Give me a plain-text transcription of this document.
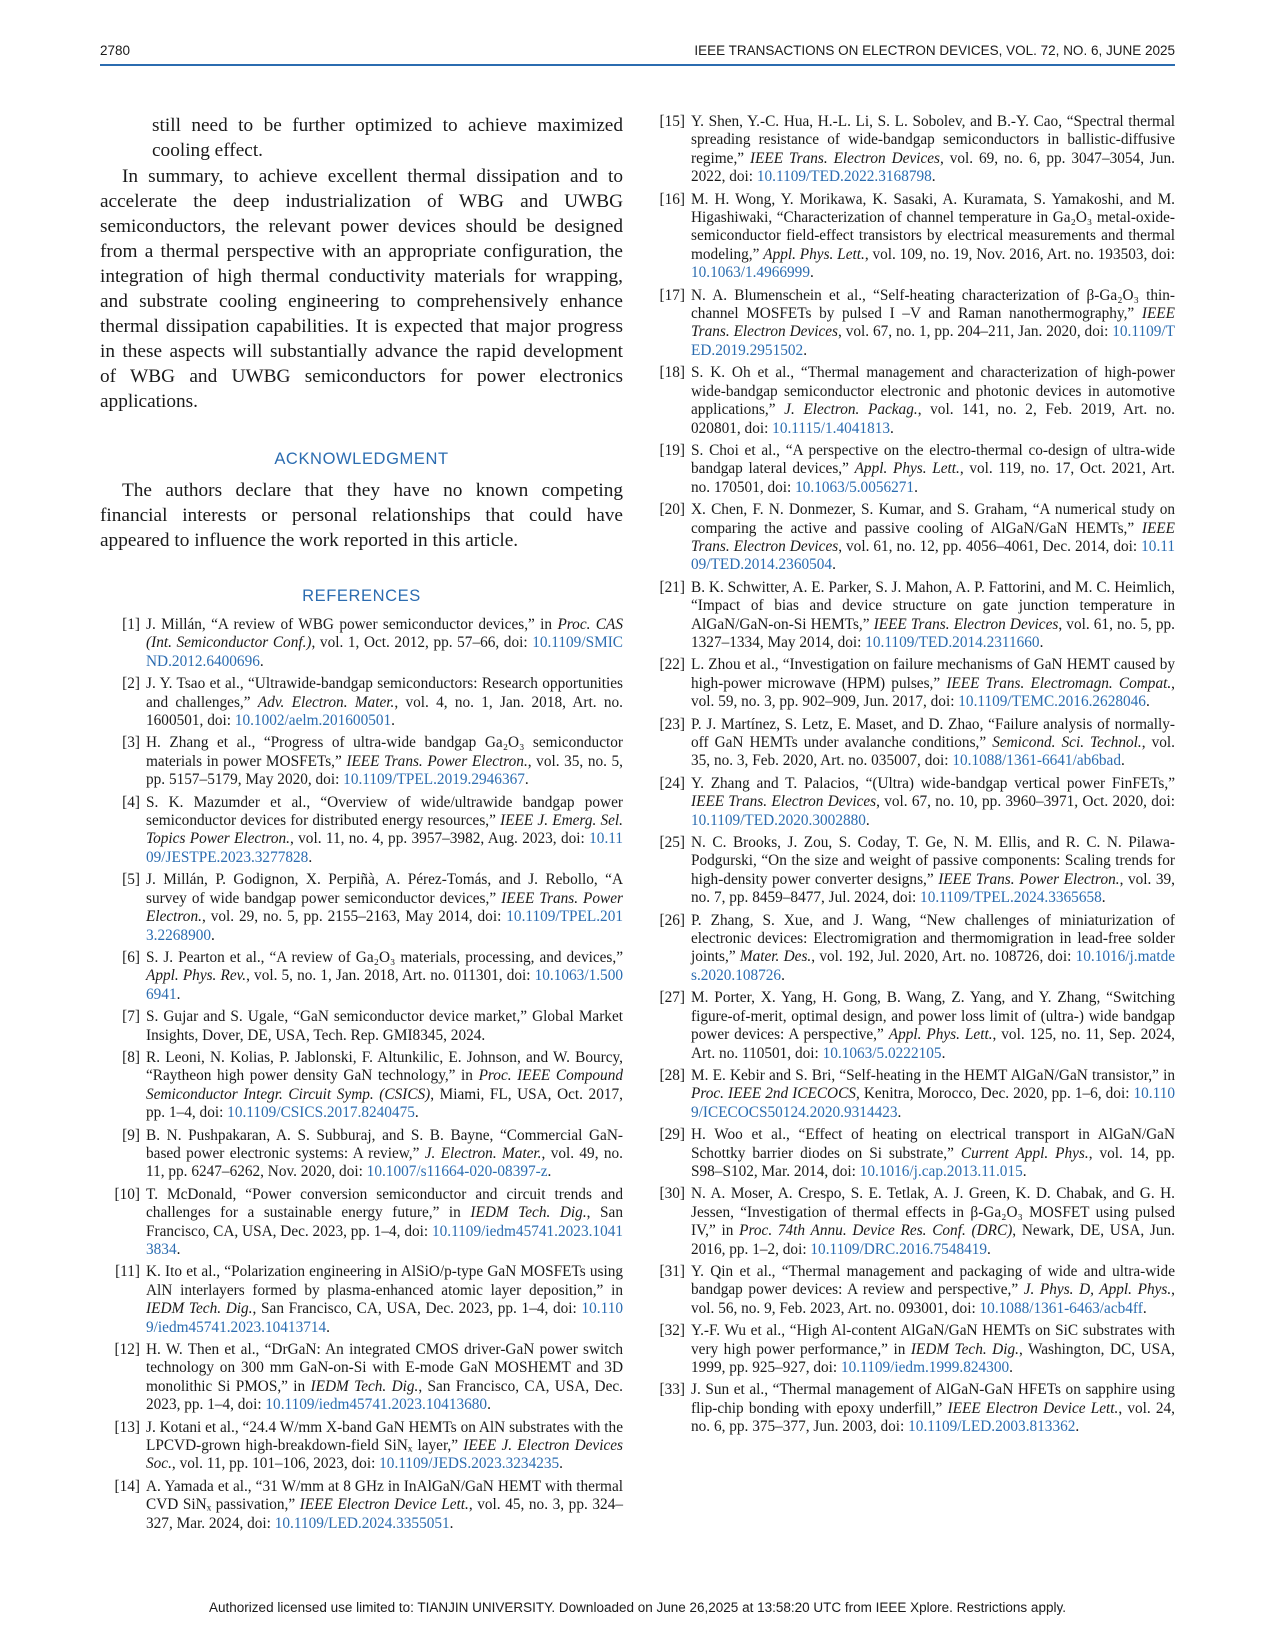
2780	IEEE TRANSACTIONS ON ELECTRON DEVICES, VOL. 72, NO. 6, JUNE 2025

still need to be further optimized to achieve maximized cooling effect.

In summary, to achieve excellent thermal dissipation and to accelerate the deep industrialization of WBG and UWBG semiconductors, the relevant power devices should be designed from a thermal perspective with an appropriate configuration, the integration of high thermal conductivity materials for wrapping, and substrate cooling engineering to comprehensively enhance thermal dissipation capabilities. It is expected that major progress in these aspects will substantially advance the rapid development of WBG and UWBG semiconductors for power electronics applications.

ACKNOWLEDGMENT

The authors declare that they have no known competing financial interests or personal relationships that could have appeared to influence the work reported in this article.

REFERENCES
[1] J. Millán, “A review of WBG power semiconductor devices,” in Proc. CAS (Int. Semiconductor Conf.), vol. 1, Oct. 2012, pp. 57–66, doi: 10.1109/SMICND.2012.6400696.
[2] J. Y. Tsao et al., “Ultrawide-bandgap semiconductors: Research opportunities and challenges,” Adv. Electron. Mater., vol. 4, no. 1, Jan. 2018, Art. no. 1600501, doi: 10.1002/aelm.201600501.
[3] H. Zhang et al., “Progress of ultra-wide bandgap Ga₂O₃ semiconductor materials in power MOSFETs,” IEEE Trans. Power Electron., vol. 35, no. 5, pp. 5157–5179, May 2020, doi: 10.1109/TPEL.2019.2946367.
[4] S. K. Mazumder et al., “Overview of wide/ultrawide bandgap power semiconductor devices for distributed energy resources,” IEEE J. Emerg. Sel. Topics Power Electron., vol. 11, no. 4, pp. 3957–3982, Aug. 2023, doi: 10.1109/JESTPE.2023.3277828.
[5] J. Millán, P. Godignon, X. Perpiñà, A. Pérez-Tomás, and J. Rebollo, “A survey of wide bandgap power semiconductor devices,” IEEE Trans. Power Electron., vol. 29, no. 5, pp. 2155–2163, May 2014, doi: 10.1109/TPEL.2013.2268900.
[6] S. J. Pearton et al., “A review of Ga₂O₃ materials, processing, and devices,” Appl. Phys. Rev., vol. 5, no. 1, Jan. 2018, Art. no. 011301, doi: 10.1063/1.5006941.
[7] S. Gujar and S. Ugale, “GaN semiconductor device market,” Global Market Insights, Dover, DE, USA, Tech. Rep. GMI8345, 2024.
[8] R. Leoni, N. Kolias, P. Jablonski, F. Altunkilic, E. Johnson, and W. Bourcy, “Raytheon high power density GaN technology,” in Proc. IEEE Compound Semiconductor Integr. Circuit Symp. (CSICS), Miami, FL, USA, Oct. 2017, pp. 1–4, doi: 10.1109/CSICS.2017.8240475.
[9] B. N. Pushpakaran, A. S. Subburaj, and S. B. Bayne, “Commercial GaN-based power electronic systems: A review,” J. Electron. Mater., vol. 49, no. 11, pp. 6247–6262, Nov. 2020, doi: 10.1007/s11664-020-08397-z.
[10] T. McDonald, “Power conversion semiconductor and circuit trends and challenges for a sustainable energy future,” in IEDM Tech. Dig., San Francisco, CA, USA, Dec. 2023, pp. 1–4, doi: 10.1109/iedm45741.2023.10413834.
[11] K. Ito et al., “Polarization engineering in AlSiO/p-type GaN MOSFETs using AlN interlayers formed by plasma-enhanced atomic layer deposition,” in IEDM Tech. Dig., San Francisco, CA, USA, Dec. 2023, pp. 1–4, doi: 10.1109/iedm45741.2023.10413714.
[12] H. W. Then et al., “DrGaN: An integrated CMOS driver-GaN power switch technology on 300 mm GaN-on-Si with E-mode GaN MOSHEMT and 3D monolithic Si PMOS,” in IEDM Tech. Dig., San Francisco, CA, USA, Dec. 2023, pp. 1–4, doi: 10.1109/iedm45741.2023.10413680.
[13] J. Kotani et al., “24.4 W/mm X-band GaN HEMTs on AlN substrates with the LPCVD-grown high-breakdown-field SiNₓ layer,” IEEE J. Electron Devices Soc., vol. 11, pp. 101–106, 2023, doi: 10.1109/JEDS.2023.3234235.
[14] A. Yamada et al., “31 W/mm at 8 GHz in InAlGaN/GaN HEMT with thermal CVD SiNₓ passivation,” IEEE Electron Device Lett., vol. 45, no. 3, pp. 324–327, Mar. 2024, doi: 10.1109/LED.2024.3355051.
[15] Y. Shen, Y.-C. Hua, H.-L. Li, S. L. Sobolev, and B.-Y. Cao, “Spectral thermal spreading resistance of wide-bandgap semiconductors in ballistic-diffusive regime,” IEEE Trans. Electron Devices, vol. 69, no. 6, pp. 3047–3054, Jun. 2022, doi: 10.1109/TED.2022.3168798.
[16] M. H. Wong, Y. Morikawa, K. Sasaki, A. Kuramata, S. Yamakoshi, and M. Higashiwaki, “Characterization of channel temperature in Ga₂O₃ metal-oxide-semiconductor field-effect transistors by electrical measurements and thermal modeling,” Appl. Phys. Lett., vol. 109, no. 19, Nov. 2016, Art. no. 193503, doi: 10.1063/1.4966999.
[17] N. A. Blumenschein et al., “Self-heating characterization of β-Ga₂O₃ thin-channel MOSFETs by pulsed I –V and Raman nanothermography,” IEEE Trans. Electron Devices, vol. 67, no. 1, pp. 204–211, Jan. 2020, doi: 10.1109/TED.2019.2951502.
[18] S. K. Oh et al., “Thermal management and characterization of high-power wide-bandgap semiconductor electronic and photonic devices in automotive applications,” J. Electron. Packag., vol. 141, no. 2, Feb. 2019, Art. no. 020801, doi: 10.1115/1.4041813.
[19] S. Choi et al., “A perspective on the electro-thermal co-design of ultra-wide bandgap lateral devices,” Appl. Phys. Lett., vol. 119, no. 17, Oct. 2021, Art. no. 170501, doi: 10.1063/5.0056271.
[20] X. Chen, F. N. Donmezer, S. Kumar, and S. Graham, “A numerical study on comparing the active and passive cooling of AlGaN/GaN HEMTs,” IEEE Trans. Electron Devices, vol. 61, no. 12, pp. 4056–4061, Dec. 2014, doi: 10.1109/TED.2014.2360504.
[21] B. K. Schwitter, A. E. Parker, S. J. Mahon, A. P. Fattorini, and M. C. Heimlich, “Impact of bias and device structure on gate junction temperature in AlGaN/GaN-on-Si HEMTs,” IEEE Trans. Electron Devices, vol. 61, no. 5, pp. 1327–1334, May 2014, doi: 10.1109/TED.2014.2311660.
[22] L. Zhou et al., “Investigation on failure mechanisms of GaN HEMT caused by high-power microwave (HPM) pulses,” IEEE Trans. Electromagn. Compat., vol. 59, no. 3, pp. 902–909, Jun. 2017, doi: 10.1109/TEMC.2016.2628046.
[23] P. J. Martínez, S. Letz, E. Maset, and D. Zhao, “Failure analysis of normally-off GaN HEMTs under avalanche conditions,” Semicond. Sci. Technol., vol. 35, no. 3, Feb. 2020, Art. no. 035007, doi: 10.1088/1361-6641/ab6bad.
[24] Y. Zhang and T. Palacios, “(Ultra) wide-bandgap vertical power FinFETs,” IEEE Trans. Electron Devices, vol. 67, no. 10, pp. 3960–3971, Oct. 2020, doi: 10.1109/TED.2020.3002880.
[25] N. C. Brooks, J. Zou, S. Coday, T. Ge, N. M. Ellis, and R. C. N. Pilawa-Podgurski, “On the size and weight of passive components: Scaling trends for high-density power converter designs,” IEEE Trans. Power Electron., vol. 39, no. 7, pp. 8459–8477, Jul. 2024, doi: 10.1109/TPEL.2024.3365658.
[26] P. Zhang, S. Xue, and J. Wang, “New challenges of miniaturization of electronic devices: Electromigration and thermomigration in lead-free solder joints,” Mater. Des., vol. 192, Jul. 2020, Art. no. 108726, doi: 10.1016/j.matdes.2020.108726.
[27] M. Porter, X. Yang, H. Gong, B. Wang, Z. Yang, and Y. Zhang, “Switching figure-of-merit, optimal design, and power loss limit of (ultra-) wide bandgap power devices: A perspective,” Appl. Phys. Lett., vol. 125, no. 11, Sep. 2024, Art. no. 110501, doi: 10.1063/5.0222105.
[28] M. E. Kebir and S. Bri, “Self-heating in the HEMT AlGaN/GaN transistor,” in Proc. IEEE 2nd ICECOCS, Kenitra, Morocco, Dec. 2020, pp. 1–6, doi: 10.1109/ICECOCS50124.2020.9314423.
[29] H. Woo et al., “Effect of heating on electrical transport in AlGaN/GaN Schottky barrier diodes on Si substrate,” Current Appl. Phys., vol. 14, pp. S98–S102, Mar. 2014, doi: 10.1016/j.cap.2013.11.015.
[30] N. A. Moser, A. Crespo, S. E. Tetlak, A. J. Green, K. D. Chabak, and G. H. Jessen, “Investigation of thermal effects in β-Ga₂O₃ MOSFET using pulsed IV,” in Proc. 74th Annu. Device Res. Conf. (DRC), Newark, DE, USA, Jun. 2016, pp. 1–2, doi: 10.1109/DRC.2016.7548419.
[31] Y. Qin et al., “Thermal management and packaging of wide and ultra-wide bandgap power devices: A review and perspective,” J. Phys. D, Appl. Phys., vol. 56, no. 9, Feb. 2023, Art. no. 093001, doi: 10.1088/1361-6463/acb4ff.
[32] Y.-F. Wu et al., “High Al-content AlGaN/GaN HEMTs on SiC substrates with very high power performance,” in IEDM Tech. Dig., Washington, DC, USA, 1999, pp. 925–927, doi: 10.1109/iedm.1999.824300.
[33] J. Sun et al., “Thermal management of AlGaN-GaN HFETs on sapphire using flip-chip bonding with epoxy underfill,” IEEE Electron Device Lett., vol. 24, no. 6, pp. 375–377, Jun. 2003, doi: 10.1109/LED.2003.813362.
Authorized licensed use limited to: TIANJIN UNIVERSITY. Downloaded on June 26,2025 at 13:58:20 UTC from IEEE Xplore. Restrictions apply.
